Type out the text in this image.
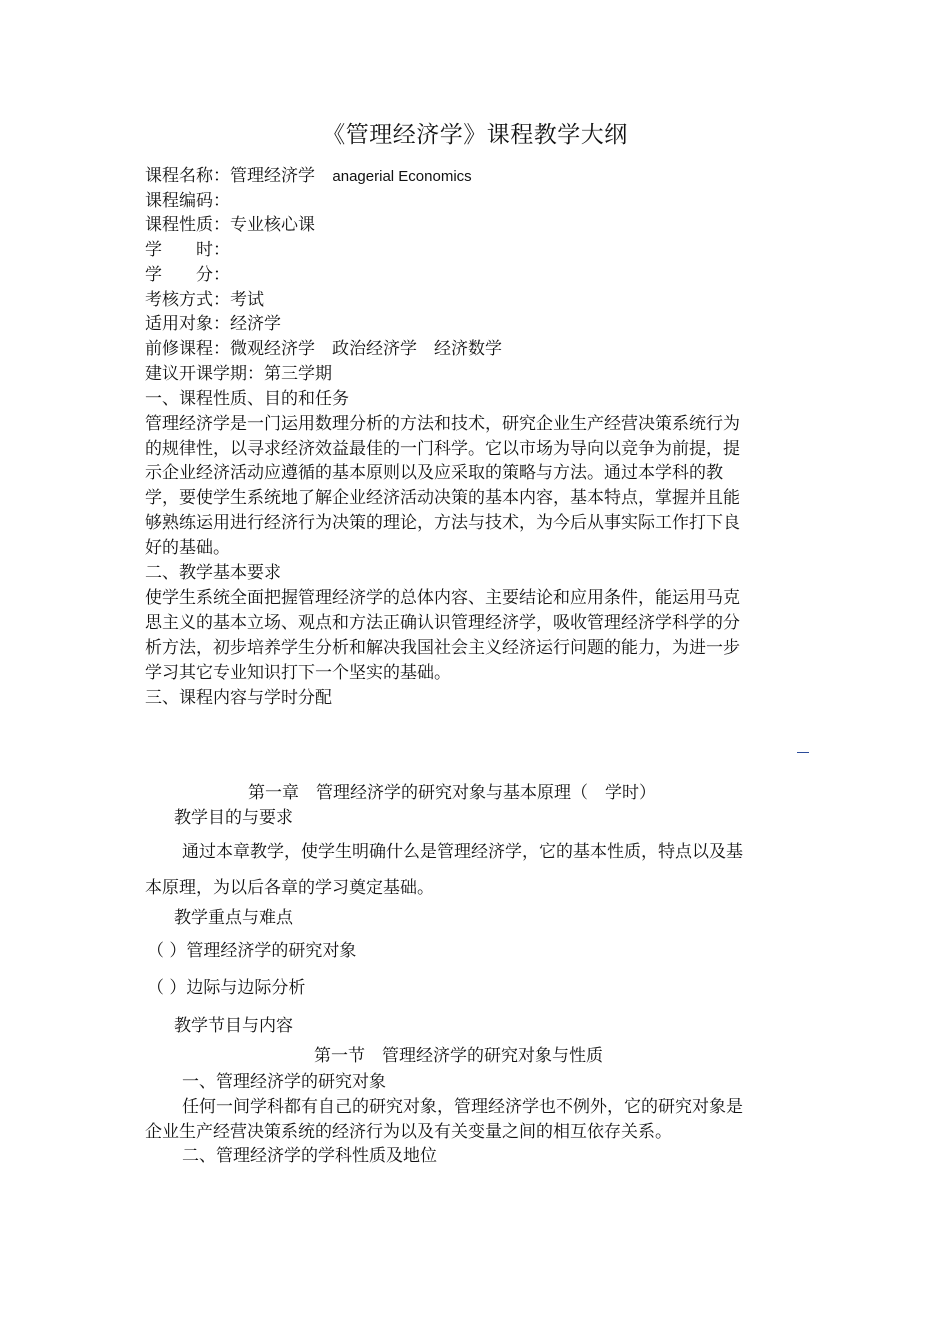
《管理经济学》课程教学大纲
课程名称：管理经济学 anagerial Economics
课程编码：
课程性质：专业核心课
学　　时：
学　　分：
考核方式：考试
适用对象：经济学
前修课程：微观经济学　政治经济学　经济数学
建议开课学期：第三学期
一、课程性质、目的和任务
管理经济学是一门运用数理分析的方法和技术，研究企业生产经营决策系统行为
的规律性，以寻求经济效益最佳的一门科学。它以市场为导向以竞争为前提，提
示企业经济活动应遵循的基本原则以及应采取的策略与方法。通过本学科的教
学，要使学生系统地了解企业经济活动决策的基本内容，基本特点，掌握并且能
够熟练运用进行经济行为决策的理论，方法与技术，为今后从事实际工作打下良
好的基础。
二、教学基本要求
使学生系统全面把握管理经济学的总体内容、主要结论和应用条件，能运用马克
思主义的基本立场、观点和方法正确认识管理经济学，吸收管理经济学科学的分
析方法，初步培养学生分析和解决我国社会主义经济运行问题的能力，为进一步
学习其它专业知识打下一个坚实的基础。
三、课程内容与学时分配
第一章　管理经济学的研究对象与基本原理（　学时）
教学目的与要求
通过本章教学，使学生明确什么是管理经济学，它的基本性质，特点以及基
本原理，为以后各章的学习奠定基础。
教学重点与难点
（ ）管理经济学的研究对象
（ ）边际与边际分析
教学节目与内容
第一节　管理经济学的研究对象与性质
一、管理经济学的研究对象
任何一间学科都有自己的研究对象，管理经济学也不例外，它的研究对象是
企业生产经营决策系统的经济行为以及有关变量之间的相互依存关系。
二、管理经济学的学科性质及地位
